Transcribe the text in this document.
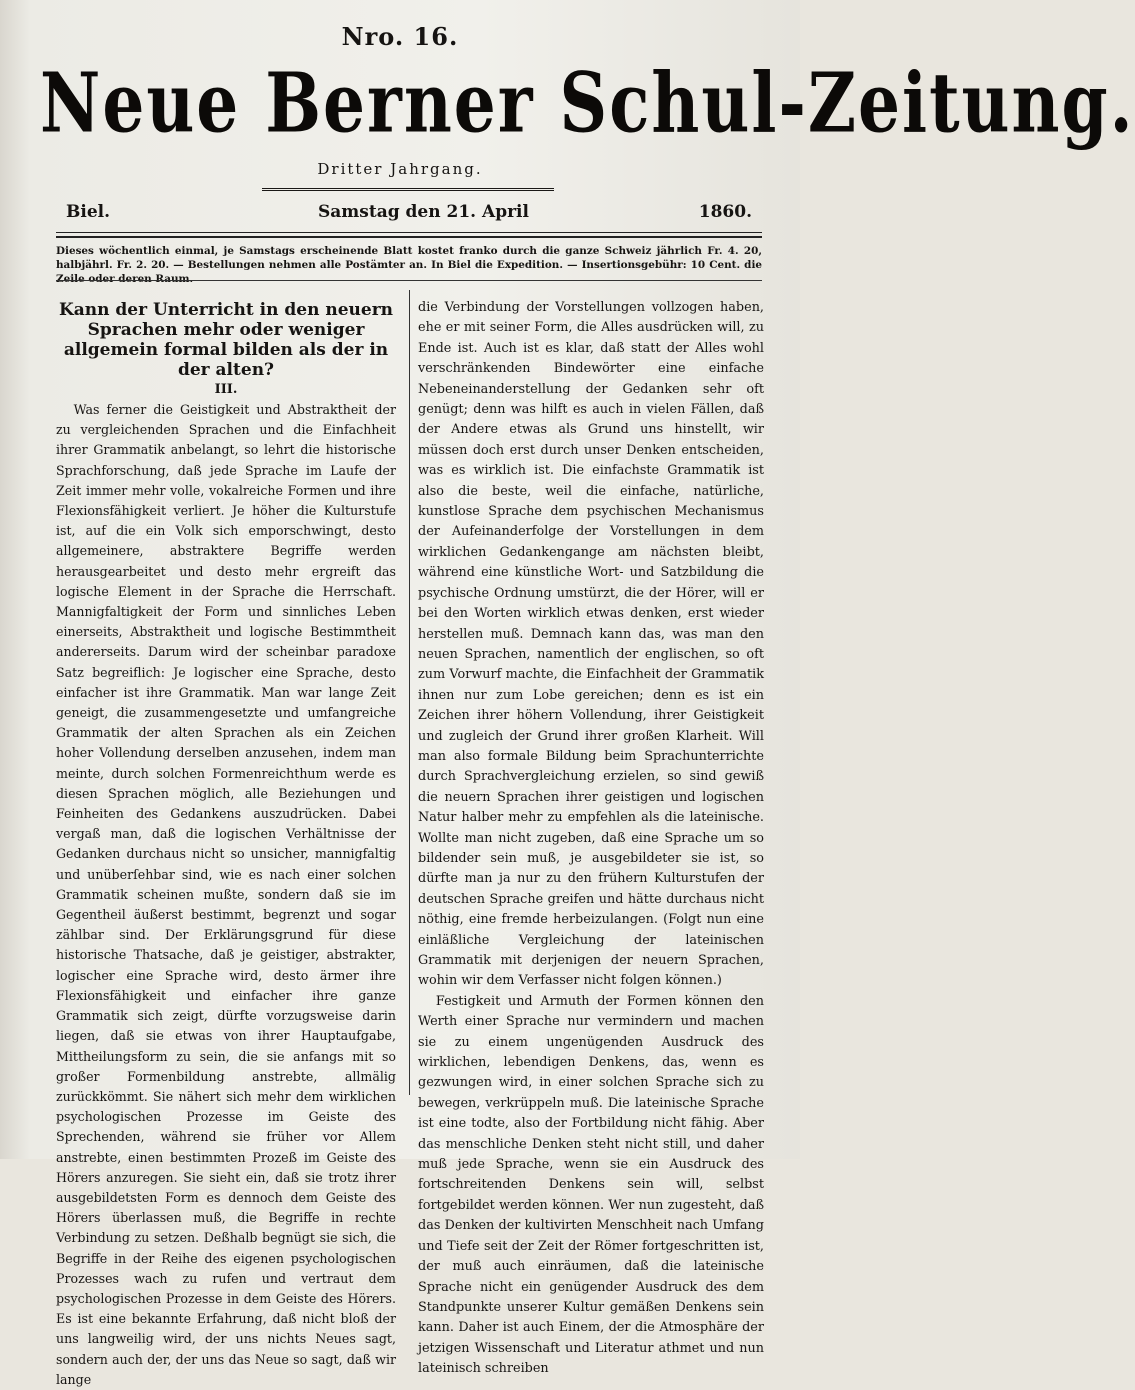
Nro. 16.
Neue Berner Schul-Zeitung.
Dritter Jahrgang.
Biel.	Samstag den 21. April	1860.
Dieses wöchentlich einmal, je Samstags erscheinende Blatt kostet franko durch die ganze Schweiz jährlich Fr. 4. 20, halbjährl. Fr. 2. 20. — Bestellungen nehmen alle Postämter an. In Biel die Expedition. — Insertionsgebühr: 10 Cent. die Zeile oder deren Raum.
Kann der Unterricht in den neuern Sprachen mehr oder weniger allgemein formal bilden als der in der alten?
III.

Was ferner die Geistigkeit und Abstraktheit der zu vergleichenden Sprachen und die Einfachheit ihrer Grammatik anbelangt, so lehrt die historische Sprachforschung, daß jede Sprache im Laufe der Zeit immer mehr volle, vokalreiche Formen und ihre Flexionsfähigkeit verliert. Je höher die Kulturstufe ist, auf die ein Volk sich emporschwingt, desto allgemeinere, abstraktere Begriffe werden herausgearbeitet und desto mehr ergreift das logische Element in der Sprache die Herrschaft. Mannigfaltigkeit der Form und sinnliches Leben einerseits, Abstraktheit und logische Bestimmtheit andererseits. Darum wird der scheinbar paradoxe Satz begreiflich: Je logischer eine Sprache, desto einfacher ist ihre Grammatik. Man war lange Zeit geneigt, die zusammengesetzte und umfangreiche Grammatik der alten Sprachen als ein Zeichen hoher Vollendung derselben anzusehen, indem man meinte, durch solchen Formenreichthum werde es diesen Sprachen möglich, alle Beziehungen und Feinheiten des Gedankens auszudrücken. Dabei vergaß man, daß die logischen Verhältnisse der Gedanken durchaus nicht so unsicher, mannigfaltig und unüberſehbar sind, wie es nach einer solchen Grammatik scheinen mußte, sondern daß sie im Gegentheil äußerst bestimmt, begrenzt und sogar zählbar sind. Der Erklärungsgrund für diese historische Thatsache, daß je geistiger, abstrakter, logischer eine Sprache wird, desto ärmer ihre Flexionsfähigkeit und einfacher ihre ganze Grammatik sich zeigt, dürfte vorzugsweise darin liegen, daß sie etwas von ihrer Hauptaufgabe, Mittheilungsform zu sein, die sie anfangs mit so großer Formenbildung anstrebte, allmälig zurückkömmt. Sie nähert sich mehr dem wirklichen psychologischen Prozesse im Geiste des Sprechenden, während sie früher vor Allem anstrebte, einen bestimmten Prozeß im Geiste des Hörers anzuregen. Sie sieht ein, daß sie trotz ihrer ausgebildetsten Form es dennoch dem Geiste des Hörers überlassen muß, die Begriffe in rechte Verbindung zu setzen. Deßhalb begnügt sie sich, die Begriffe in der Reihe des eigenen psychologischen Prozesses wach zu rufen und vertraut dem psychologischen Prozesse in dem Geiste des Hörers. Es ist eine bekannte Erfahrung, daß nicht bloß der uns langweilig wird, der uns nichts Neues sagt, sondern auch der, der uns das Neue so sagt, daß wir lange

die Verbindung der Vorstellungen vollzogen haben, ehe er mit seiner Form, die Alles ausdrücken will, zu Ende ist. Auch ist es klar, daß statt der Alles wohl verschränkenden Bindewörter eine einfache Nebeneinanderstellung der Gedanken sehr oft genügt; denn was hilft es auch in vielen Fällen, daß der Andere etwas als Grund uns hinstellt, wir müssen doch erst durch unser Denken entscheiden, was es wirklich ist. Die einfachste Grammatik ist also die beste, weil die einfache, natürliche, kunstlose Sprache dem psychischen Mechanismus der Aufeinanderfolge der Vorstellungen in dem wirklichen Gedankengange am nächsten bleibt, während eine künstliche Wort- und Satzbildung die psychische Ordnung umstürzt, die der Hörer, will er bei den Worten wirklich etwas denken, erst wieder herstellen muß. Demnach kann das, was man den neuen Sprachen, namentlich der englischen, so oft zum Vorwurf machte, die Einfachheit der Grammatik ihnen nur zum Lobe gereichen; denn es ist ein Zeichen ihrer höhern Vollendung, ihrer Geistigkeit und zugleich der Grund ihrer großen Klarheit. Will man also formale Bildung beim Sprachunterrichte durch Sprachvergleichung erzielen, so sind gewiß die neuern Sprachen ihrer geistigen und logischen Natur halber mehr zu empfehlen als die lateinische. Wollte man nicht zugeben, daß eine Sprache um so bildender sein muß, je ausgebildeter sie ist, so dürfte man ja nur zu den frühern Kulturstufen der deutschen Sprache greifen und hätte durchaus nicht nöthig, eine fremde herbeizulangen. (Folgt nun eine einläßliche Vergleichung der lateinischen Grammatik mit derjenigen der neuern Sprachen, wohin wir dem Verfasser nicht folgen können.)

Festigkeit und Armuth der Formen können den Werth einer Sprache nur vermindern und machen sie zu einem ungenügenden Ausdruck des wirklichen, lebendigen Denkens, das, wenn es gezwungen wird, in einer solchen Sprache sich zu bewegen, verkrüppeln muß. Die lateinische Sprache ist eine todte, also der Fortbildung nicht fähig. Aber das menschliche Denken steht nicht still, und daher muß jede Sprache, wenn sie ein Ausdruck des fortschreitenden Denkens sein will, selbst fortgebildet werden können. Wer nun zugesteht, daß das Denken der kultivirten Menschheit nach Umfang und Tiefe seit der Zeit der Römer fortgeschritten ist, der muß auch einräumen, daß die lateinische Sprache nicht ein genügender Ausdruck des dem Standpunkte unserer Kultur gemäßen Denkens sein kann. Daher ist auch Einem, der die Atmosphäre der jetzigen Wissenschaft und Literatur athmet und nun lateinisch schreiben
